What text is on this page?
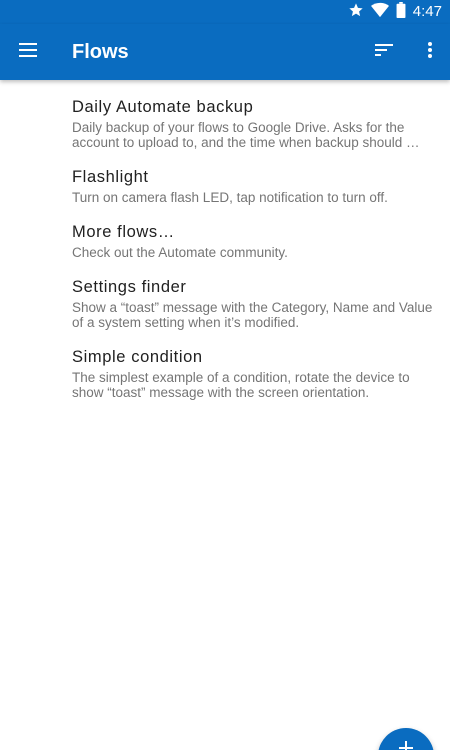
4:47
Flows
Daily Automate backup
Daily backup of your flows to Google Drive. Asks for the account to upload to, and the time when backup should …
Flashlight
Turn on camera flash LED, tap notification to turn off.
More flows…
Check out the Automate community.
Settings finder
Show a “toast” message with the Category, Name and Value of a system setting when it’s modified.
Simple condition
The simplest example of a condition, rotate the device to show “toast” message with the screen orientation.
